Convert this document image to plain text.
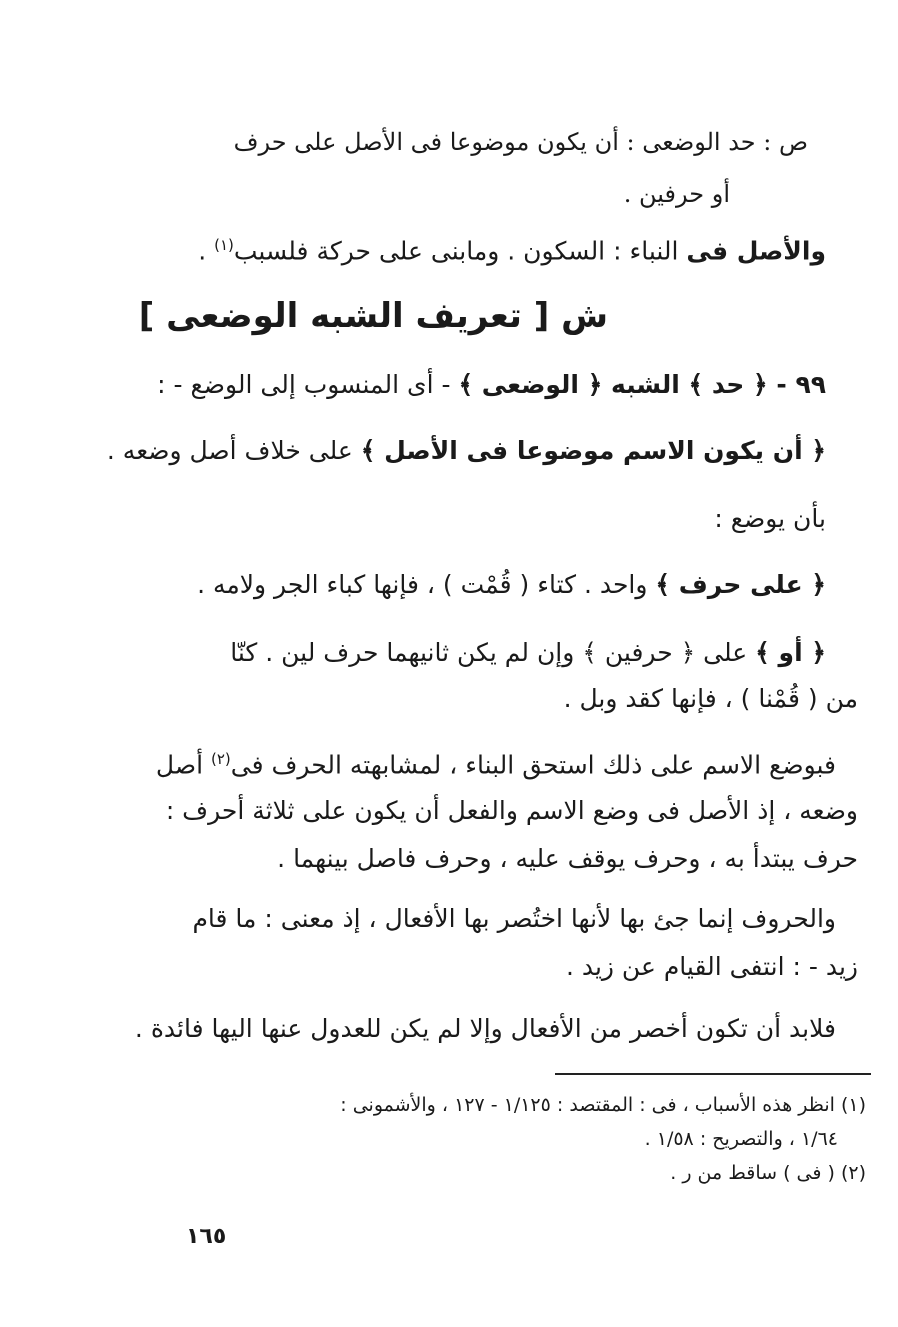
ص : حد الوضعى : أن يكون موضوعا فى الأصل على حرف
أو حرفين .
والأصل فى النباء : السكون . ومابنى على حركة فلسبب$^{(١)}$ .
ش [ تعريف الشبه الوضعى ]
٩٩ - ﴿ حد ﴾ الشبه ﴿ الوضعى ﴾ - أى المنسوب إلى الوضع - :
﴿ أن يكون الاسم موضوعا فى الأصل ﴾ على خلاف أصل وضعه .
بأن يوضع :
﴿ على حرف ﴾ واحد . كتاء ( قُمْت ) ، فإنها كباء الجر ولامه .
﴿ أو ﴾ على ﴿ حرفين ﴾ وإن لم يكن ثانيهما حرف لين . كنّا
من ( قُمْنا ) ، فإنها كقد وبل .
فبوضع الاسم على ذلك استحق البناء ، لمشابهته الحرف فى$^{(٢)}$ أصل
وضعه ، إذ الأصل فى وضع الاسم والفعل أن يكون على ثلاثة أحرف :
حرف يبتدأ به ، وحرف يوقف عليه ، وحرف فاصل بينهما .
والحروف إنما جئ بها لأنها اختُصر بها الأفعال ، إذ معنى : ما قام
زيد - : انتفى القيام عن زيد .
فلابد أن تكون أخصر من الأفعال وإلا لم يكن للعدول عنها اليها فائدة .
(١) انظر هذه الأسباب ، فى : المقتصد : ١/١٢٥ - ١٢٧ ، والأشمونى :
١/٦٤ ، والتصريح : ١/٥٨ .
(٢) ( فى ) ساقط من ر .
١٦٥
